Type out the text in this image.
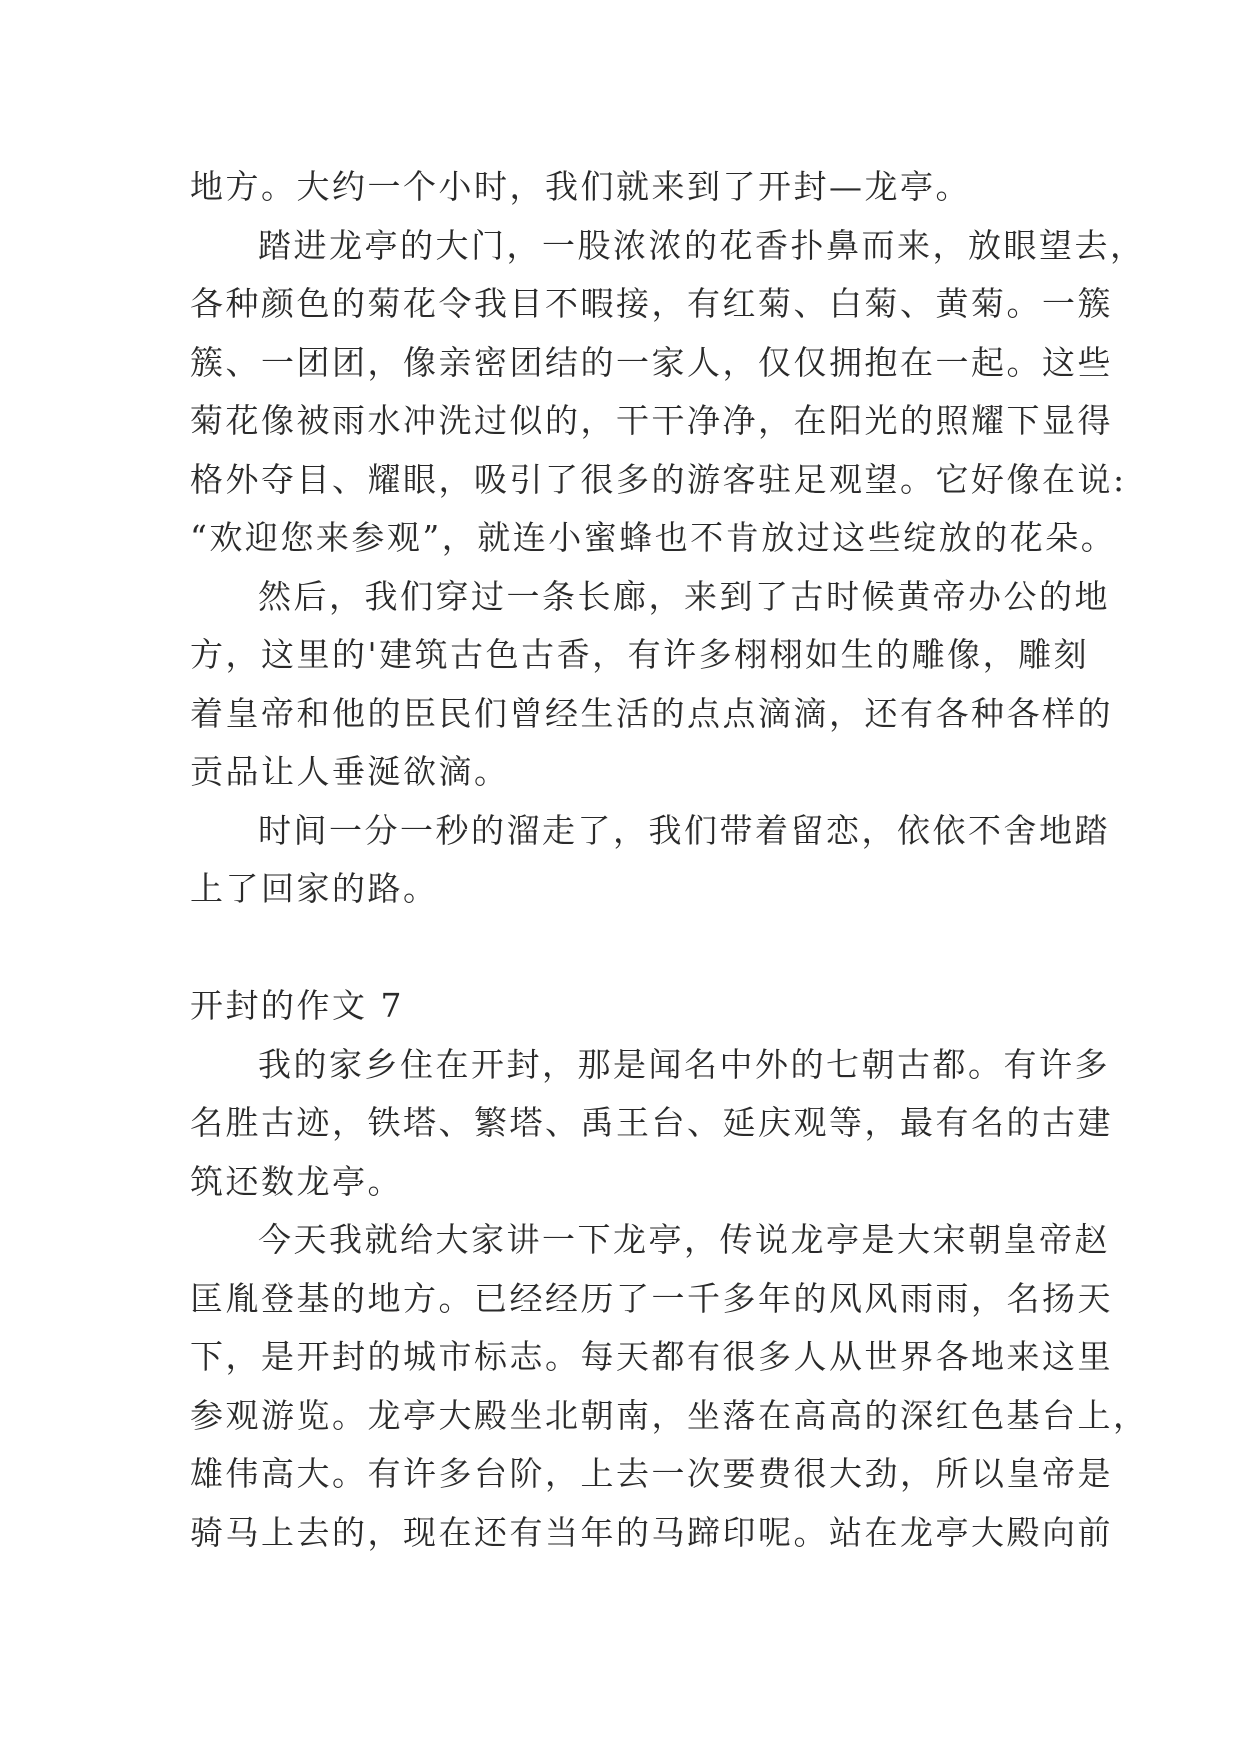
地方。大约一个小时，我们就来到了开封—龙亭。
踏进龙亭的大门，一股浓浓的花香扑鼻而来，放眼望去，
各种颜色的菊花令我目不暇接，有红菊、白菊、黄菊。一簇
簇、一团团，像亲密团结的一家人，仅仅拥抱在一起。这些
菊花像被雨水冲洗过似的，干干净净，在阳光的照耀下显得
格外夺目、耀眼，吸引了很多的游客驻足观望。它好像在说:
“欢迎您来参观”，就连小蜜蜂也不肯放过这些绽放的花朵。
然后，我们穿过一条长廊，来到了古时候黄帝办公的地
方，这里的'建筑古色古香，有许多栩栩如生的雕像，雕刻
着皇帝和他的臣民们曾经生活的点点滴滴，还有各种各样的
贡品让人垂涎欲滴。
时间一分一秒的溜走了，我们带着留恋，依依不舍地踏
上了回家的路。
开封的作文 7
我的家乡住在开封，那是闻名中外的七朝古都。有许多
名胜古迹，铁塔、繁塔、禹王台、延庆观等，最有名的古建
筑还数龙亭。
今天我就给大家讲一下龙亭，传说龙亭是大宋朝皇帝赵
匡胤登基的地方。已经经历了一千多年的风风雨雨，名扬天
下，是开封的城市标志。每天都有很多人从世界各地来这里
参观游览。龙亭大殿坐北朝南，坐落在高高的深红色基台上，
雄伟高大。有许多台阶，上去一次要费很大劲，所以皇帝是
骑马上去的，现在还有当年的马蹄印呢。站在龙亭大殿向前
